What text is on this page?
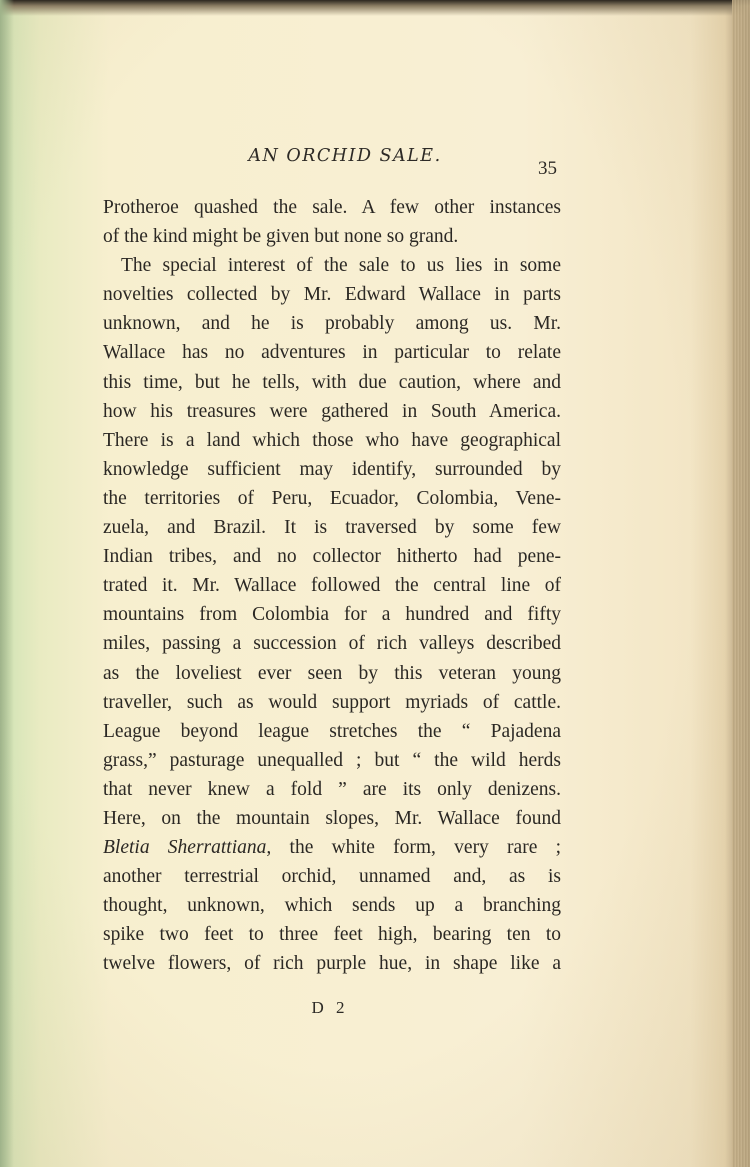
AN ORCHID SALE.
35
Protheroe quashed the sale. A few other instances
of the kind might be given but none so grand.
The special interest of the sale to us lies in some
novelties collected by Mr. Edward Wallace in parts
unknown, and he is probably among us. Mr.
Wallace has no adventures in particular to relate
this time, but he tells, with due caution, where and
how his treasures were gathered in South America.
There is a land which those who have geographical
knowledge sufficient may identify, surrounded by
the territories of Peru, Ecuador, Colombia, Vene-
zuela, and Brazil. It is traversed by some few
Indian tribes, and no collector hitherto had pene-
trated it. Mr. Wallace followed the central line of
mountains from Colombia for a hundred and fifty
miles, passing a succession of rich valleys described
as the loveliest ever seen by this veteran young
traveller, such as would support myriads of cattle.
League beyond league stretches the “ Pajadena
grass,” pasturage unequalled ; but “ the wild herds
that never knew a fold ” are its only denizens.
Here, on the mountain slopes, Mr. Wallace found
Bletia Sherrattiana, the white form, very rare ;
another terrestrial orchid, unnamed and, as is
thought, unknown, which sends up a branching
spike two feet to three feet high, bearing ten to
twelve flowers, of rich purple hue, in shape like a
D 2
